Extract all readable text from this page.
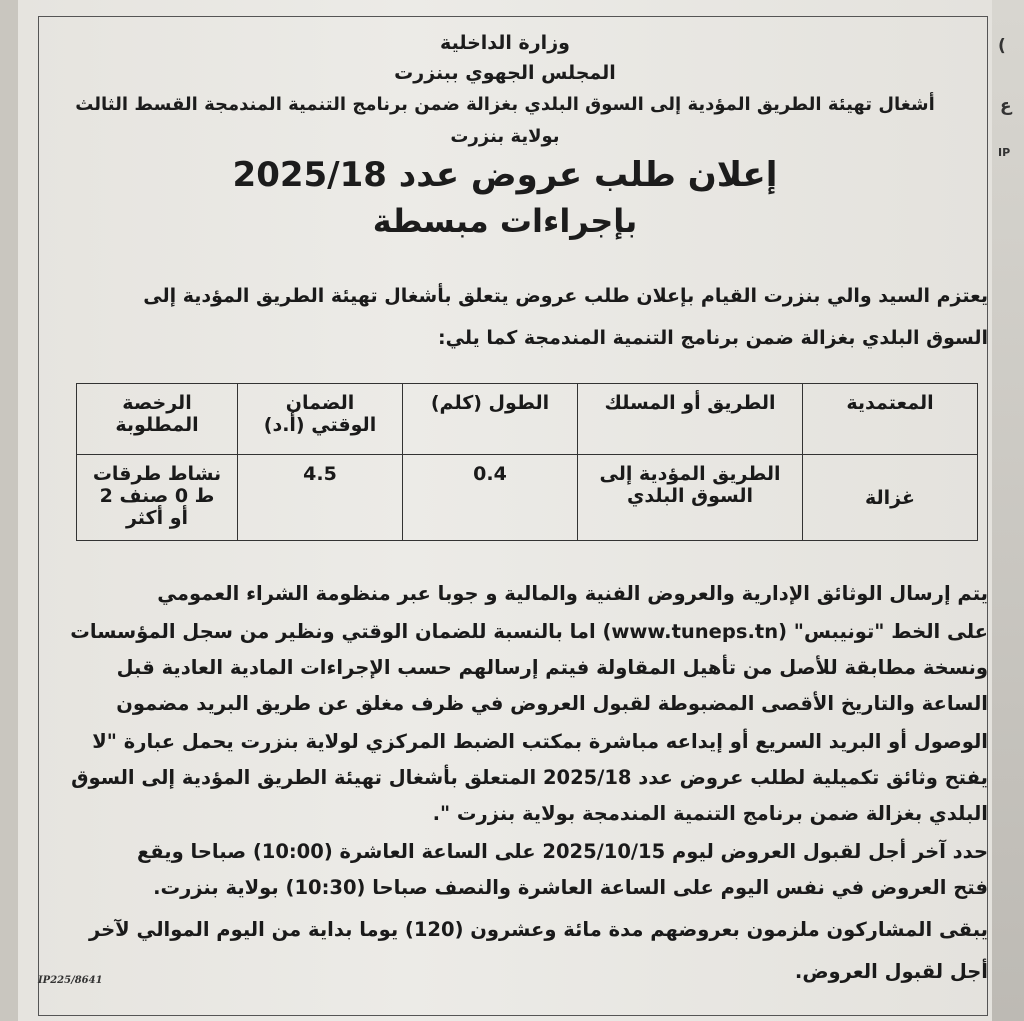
(
ع
IP
وزارة الداخلية
المجلس الجهوي ببنزرت
أشغال تهيئة الطريق المؤدية إلى السوق البلدي بغزالة ضمن برنامج التنمية المندمجة القسط الثالث
بولاية بنزرت
إعلان طلب عروض عدد 2025/18
بإجراءات مبسطة
يعتزم السيد والي بنزرت القيام بإعلان طلب عروض يتعلق بأشغال تهيئة الطريق المؤدية إلى
السوق البلدي بغزالة ضمن برنامج التنمية المندمجة كما يلي:
المعتمدية	الطريق أو المسلك	الطول (كلم)	الضمان الوقتي (أ.د)	الرخصة المطلوبة
غزالة	الطريق المؤدية إلى السوق البلدي	0.4	4.5	نشاط طرقات ط 0 صنف 2 أو أكثر
يتم إرسال الوثائق الإدارية والعروض الفنية والمالية و جوبا عبر منظومة الشراء العمومي
على الخط "تونيبس" (www.tuneps.tn) اما بالنسبة للضمان الوقتي ونظير من سجل المؤسسات
ونسخة مطابقة للأصل من تأهيل المقاولة فيتم إرسالهم حسب الإجراءات المادية العادية قبل
الساعة والتاريخ الأقصى المضبوطة لقبول العروض في ظرف مغلق عن طريق البريد مضمون
الوصول أو البريد السريع أو إيداعه مباشرة بمكتب الضبط المركزي لولاية بنزرت يحمل عبارة "لا
يفتح وثائق تكميلية لطلب عروض عدد 2025/18 المتعلق بأشغال تهيئة الطريق المؤدية إلى السوق
البلدي بغزالة ضمن برنامج التنمية المندمجة بولاية بنزرت ".
حدد آخر أجل لقبول العروض ليوم 2025/10/15 على الساعة العاشرة (10:00) صباحا ويقع
فتح العروض في نفس اليوم على الساعة العاشرة والنصف صباحا (10:30) بولاية بنزرت.
يبقى المشاركون ملزمون بعروضهم مدة مائة وعشرون (120) يوما بداية من اليوم الموالي لآخر
أجل لقبول العروض.
IP225/8641
